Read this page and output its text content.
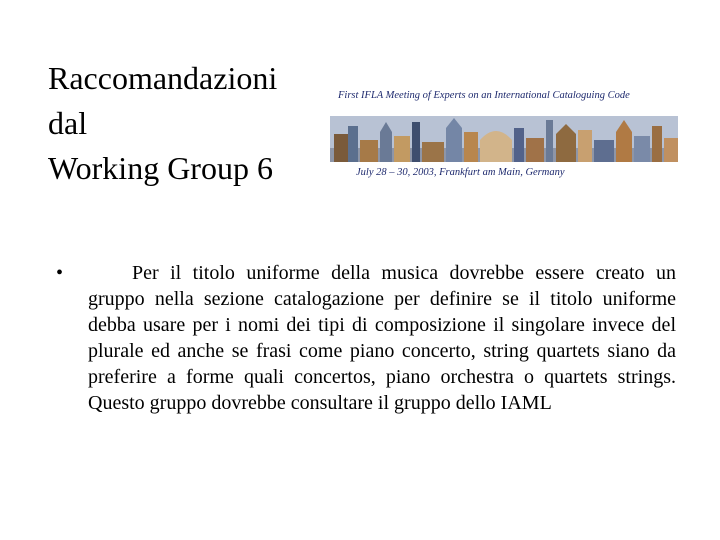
Raccomandazioni
dal
Working Group 6
First IFLA Meeting of Experts on an International Cataloguing Code
July 28 – 30, 2003, Frankfurt am Main, Germany
•	Per il titolo uniforme della musica dovrebbe essere creato un gruppo nella sezione catalogazione per definire se il titolo uniforme debba usare per i nomi dei tipi di composizione il singolare invece del plurale ed anche se frasi come piano concerto, string quartets siano da preferire a forme quali concertos, piano orchestra o quartets strings. Questo gruppo dovrebbe consultare il gruppo dello IAML
